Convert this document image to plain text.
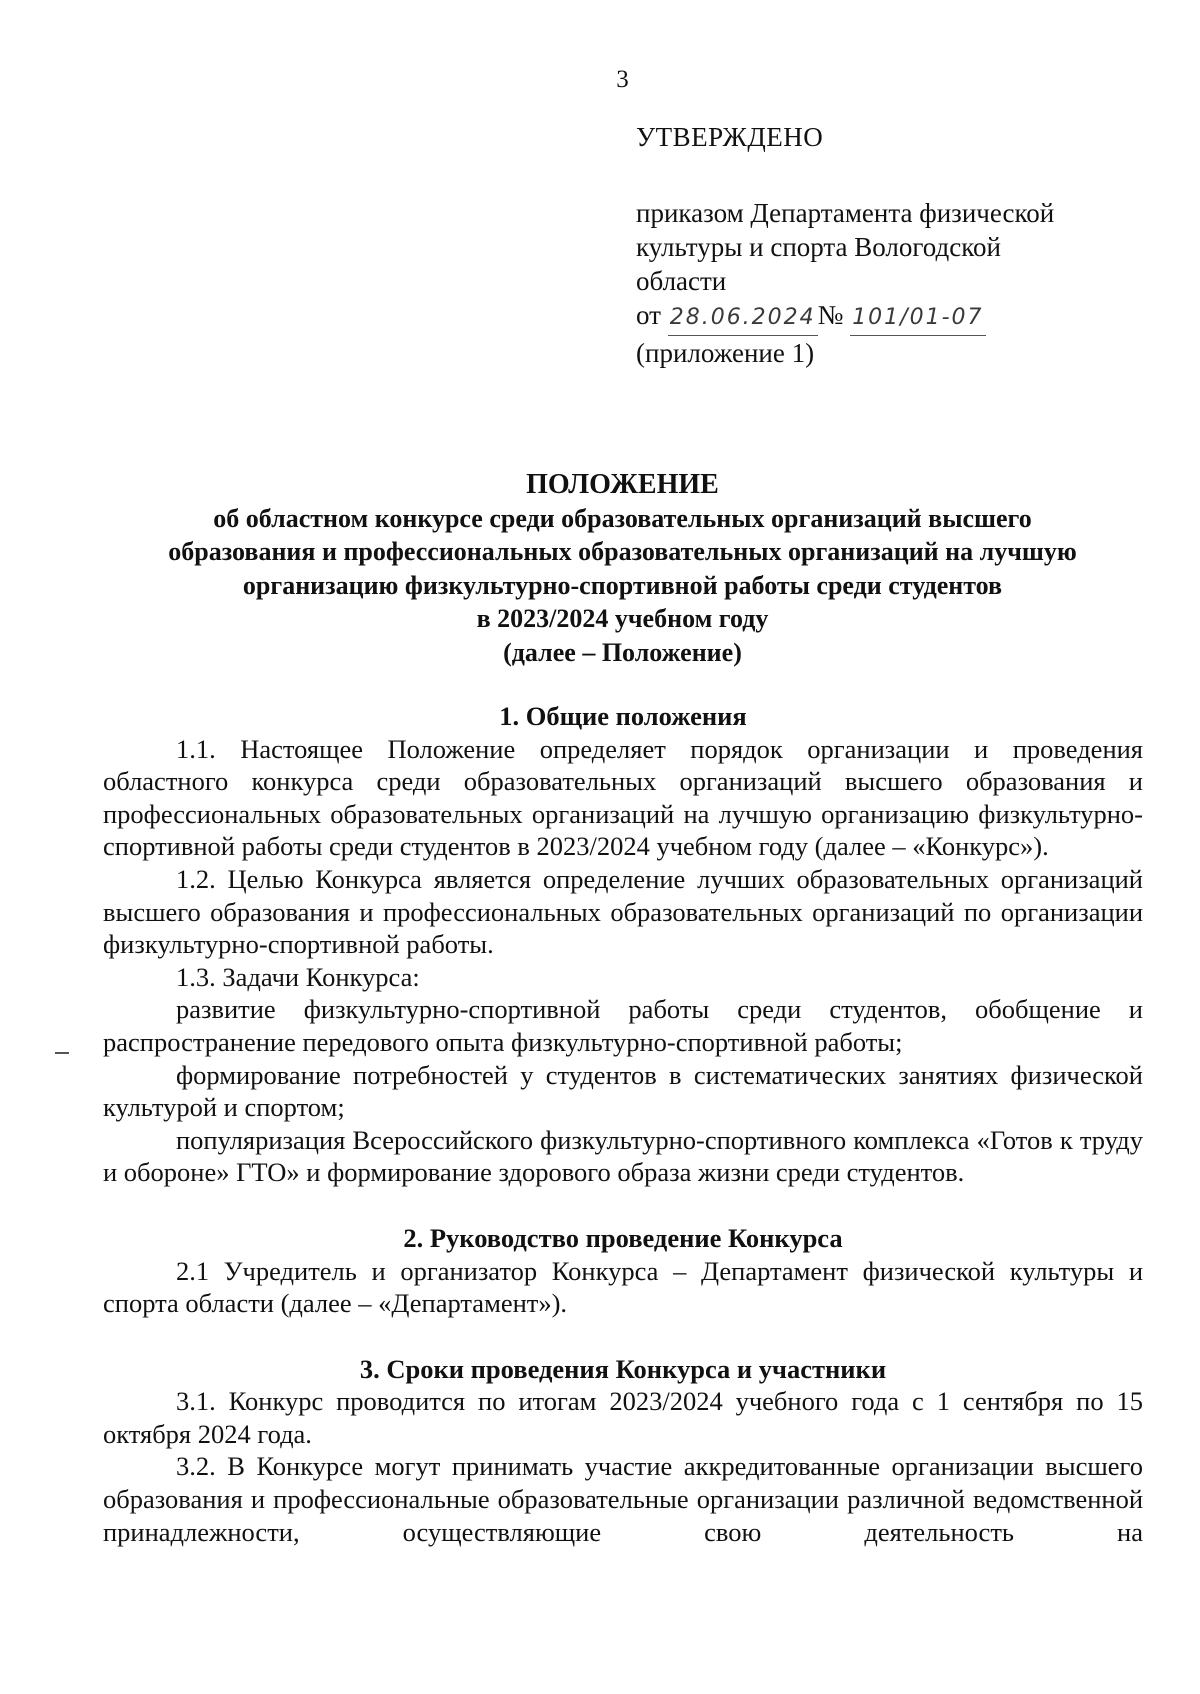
3
УТВЕРЖДЕНО
приказом Департамента физической
культуры и спорта Вологодской
области
от 28.06.2024№ 101/01-07
(приложение 1)
ПОЛОЖЕНИЕ
об областном конкурсе среди образовательных организаций высшего
образования и профессиональных образовательных организаций на лучшую
организацию физкультурно-спортивной работы среди студентов
в 2023/2024 учебном году
(далее – Положение)

1. Общие положения

1.1. Настоящее Положение определяет порядок организации и проведения областного конкурса среди образовательных организаций высшего образования и профессиональных образовательных организаций на лучшую организацию физкультурно-спортивной работы среди студентов в 2023/2024 учебном году (далее – «Конкурс»).

1.2. Целью Конкурса является определение лучших образовательных организаций высшего образования и профессиональных образовательных организаций по организации физкультурно-спортивной работы.

1.3. Задачи Конкурса:

развитие физкультурно-спортивной работы среди студентов, обобщение и распространение передового опыта физкультурно-спортивной работы;

формирование потребностей у студентов в систематических занятиях физической культурой и спортом;

популяризация Всероссийского физкультурно-спортивного комплекса «Готов к труду и обороне» ГТО» и формирование здорового образа жизни среди студентов.

2. Руководство проведение Конкурса

2.1 Учредитель и организатор Конкурса – Департамент физической культуры и спорта области (далее – «Департамент»).

3. Сроки проведения Конкурса и участники

3.1. Конкурс проводится по итогам 2023/2024 учебного года с 1 сентября по 15 октября 2024 года.

3.2. В Конкурсе могут принимать участие аккредитованные организации высшего образования и профессиональные образовательные организации различной ведомственной принадлежности, осуществляющие свою деятельность на
